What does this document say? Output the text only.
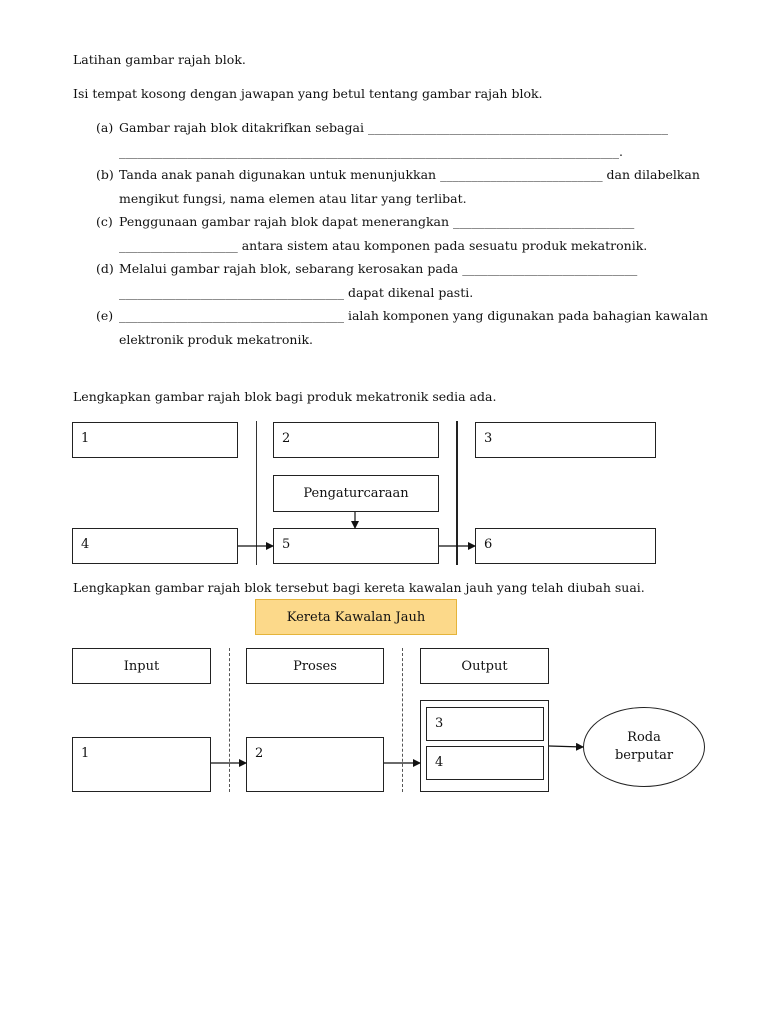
Latihan gambar rajah blok.
Isi tempat kosong dengan jawapan yang betul tentang gambar rajah blok.
(a) Gambar rajah blok ditakrifkan sebagai ________________________________________________
________________________________________________________________________________.
(b) Tanda anak panah digunakan untuk menunjukkan __________________________ dan dilabelkan
mengikut fungsi, nama elemen atau litar yang terlibat.
(c) Penggunaan gambar rajah blok dapat menerangkan _____________________________
___________________ antara sistem atau komponen pada sesuatu produk mekatronik.
(d) Melalui gambar rajah blok, sebarang kerosakan pada ____________________________
____________________________________ dapat dikenal pasti.
(e) ____________________________________ ialah komponen yang digunakan pada bahagian kawalan
elektronik produk mekatronik.
Lengkapkan gambar rajah blok bagi produk mekatronik sedia ada.
1	2	3
Pengaturcaraan
4	5	6
Lengkapkan gambar rajah blok tersebut bagi kereta kawalan jauh yang telah diubah suai.
Kereta Kawalan Jauh
Input	Proses	Output
1	2
3
4
Roda
berputar
